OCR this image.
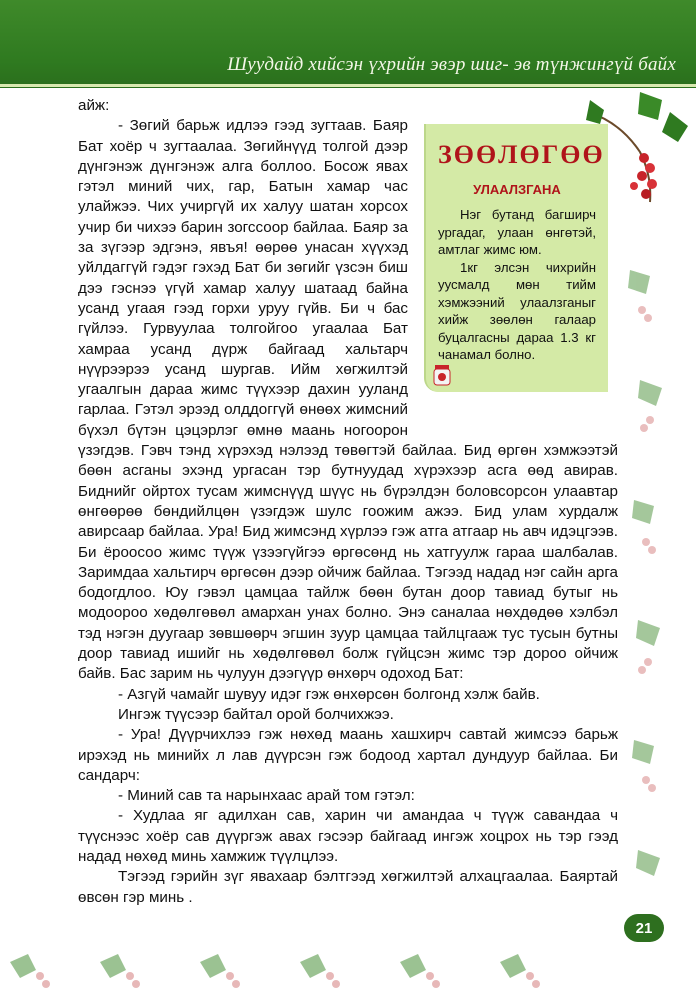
Шуудайд хийсэн үхрийн эвэр шиг- эв түнжингүй байх
ЗӨӨЛӨГӨӨ
УЛААЛЗГАНА

Нэг бутанд багширч ургадаг, улаан өнгөтэй, амтлаг жимс юм.

1кг элсэн чихрийн уусмалд мөн тийм хэмжээний улаалзганыг хийж зөөлөн галаар буцалгасны дараа 1.3 кг чанамал болно.

айж:

- Зөгий барьж идлээ гээд зугтаав. Баяр Бат хоёр ч зугтаалаа. Зөгийнүүд толгой дээр дүнгэнэж дүнгэнэж алга боллоо. Босож явах гэтэл миний чих, гар, Батын хамар час улайжээ. Чих учиргүй их халуу шатан хорсох учир би чихээ барин зогссоор байлаа. Баяр за за зүгээр эдгэнэ, явъя! өөрөө унасан хүүхэд уйлдаггүй гэдэг гэхэд Бат би зөгийг үзсэн биш дээ гэснээ үгүй хамар халуу шатаад байна усанд угаая гээд горхи уруу гүйв. Би ч бас гүйлээ. Гурвуулаа толгойгоо угаалаа Бат хамраа усанд дүрж байгаад хальтарч нүүрээрээ усанд шургав. Ийм хөгжилтэй угаалгын дараа жимс түүхээр дахин ууланд гарлаа. Гэтэл эрээд олддоггүй өнөөх жимсний бүхэл бүтэн цэцэрлэг өмнө маань ногоорон үзэгдэв. Гэвч тэнд хүрэхэд нэлээд төвөгтэй байлаа. Бид өргөн хэмжээтэй бөөн асганы эхэнд ургасан тэр бутнуудад хүрэхээр асга өөд авирав. Биднийг ойртох тусам жимснүүд шүүс нь бүрэлдэн боловсорсон улаавтар өнгөөрөө бөндийлцөн үзэгдэж шулс гоожим ажээ. Бид улам хурдалж авирсаар байлаа. Ура! Бид жимсэнд хүрлээ гэж атга атгаар нь авч идэцгээв. Би ёроосоо жимс түүж үзээгүйгээ өргөсөнд нь хатгуулж гараа шалбалав. Заримдаа хальтирч өргөсөн дээр ойчиж байлаа. Тэгээд надад нэг сайн арга бодогдлоо. Юу гэвэл цамцаа тайлж бөөн бутан доор тавиад бутыг нь модоороо хөдөлгөвөл амархан унах болно. Энэ саналаа нөхдөдөө хэлбэл тэд нэгэн дуугаар зөвшөөрч эгшин зуур цамцаа тайлцгааж тус тусын бутны доор тавиад ишийг нь хөдөлгөвөл болж гүйцсэн жимс тэр дороо ойчиж байв. Бас зарим нь чулуун дээгүүр өнхөрч одоход Бат:

- Азгүй чамайг шувуу идэг гэж өнхөрсөн болгонд хэлж байв.

Ингэж түүсээр байтал орой болчихжээ.

- Ура! Дүүрчихлээ гэж нөхөд маань хашхирч савтай жимсээ барьж ирэхэд нь минийх л лав дүүрсэн гэж бодоод хартал дундуур байлаа. Би сандарч:

- Миний сав та нарынхаас арай том гэтэл:

- Худлаа яг адилхан сав, харин чи амандаа ч түүж савандаа ч түүснээс хоёр сав дүүргэж авах гэсээр байгаад ингэж хоцрох нь тэр гээд надад нөхөд минь хамжиж түүлцлээ.

Тэгээд гэрийн зүг явахаар бэлтгээд хөгжилтэй алхацгаалаа. Баяртай өвсөн гэр минь .

21
